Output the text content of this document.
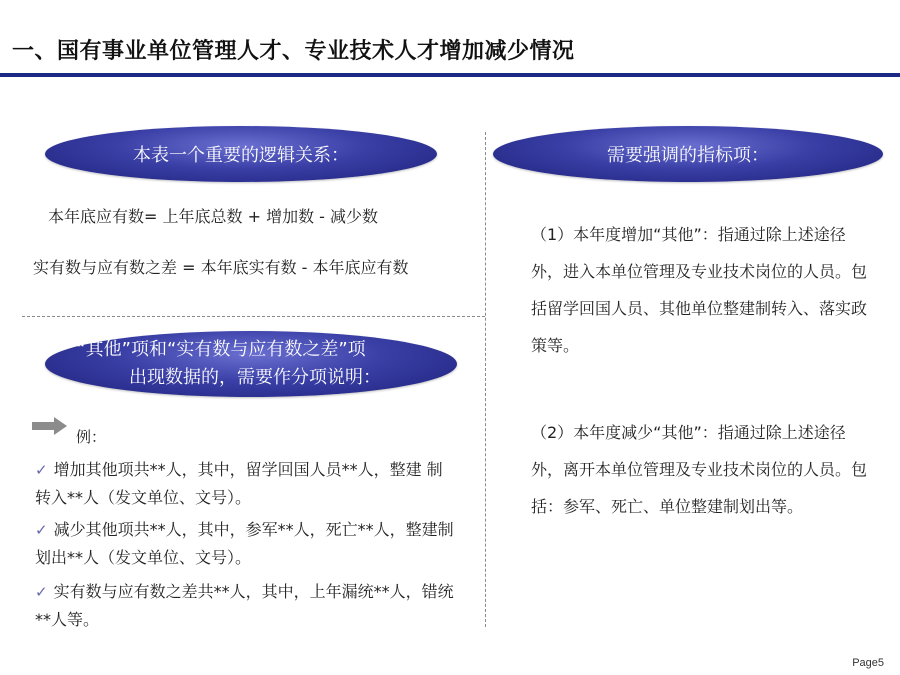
一、国有事业单位管理人才、专业技术人才增加减少情况
本表一个重要的逻辑关系：
本年底应有数= 上年底总数 + 增加数 - 减少数
实有数与应有数之差 = 本年底实有数 - 本年底应有数
“其他”项和“实有数与应有数之差”项
出现数据的，需要作分项说明：
例：
✓ 增加其他项共**人，其中，留学回国人员**人，整建 制转入**人（发文单位、文号）。
✓ 减少其他项共**人，其中，参军**人，死亡**人，整建制划出**人（发文单位、文号）。
✓ 实有数与应有数之差共**人，其中，上年漏统**人，错统**人等。
需要强调的指标项：
（1）本年度增加“其他”：指通过除上述途径外，进入本单位管理及专业技术岗位的人员。包括留学回国人员、其他单位整建制转入、落实政策等。
（2）本年度减少“其他”：指通过除上述途径外，离开本单位管理及专业技术岗位的人员。包括：参军、死亡、单位整建制划出等。
Page5
